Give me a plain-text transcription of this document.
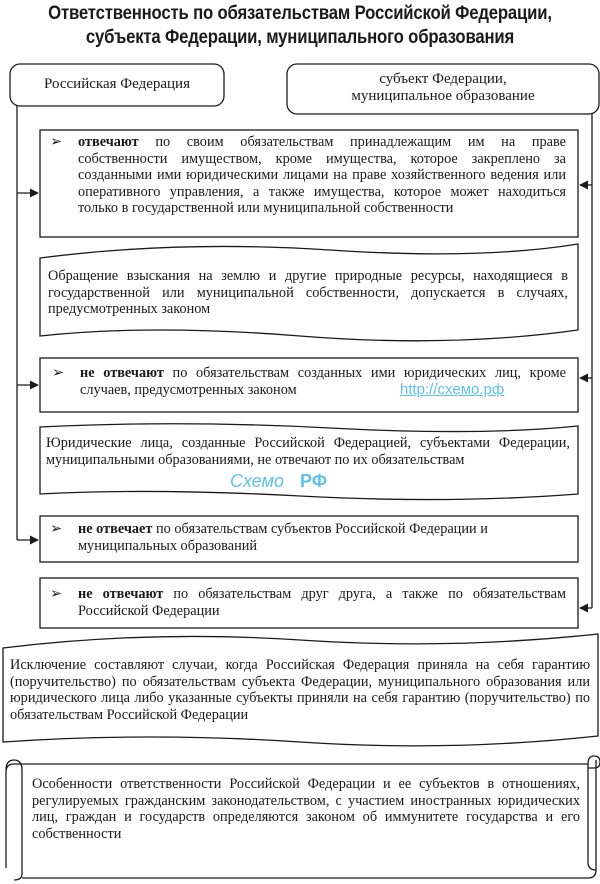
Ответственность по обязательствам Российской Федерации,
субъекта Федерации, муниципального образования
Российская Федерация	субъект Федерации,
муниципальное образование
➢ отвечают по своим обязательствам принадлежащим им на праве собственности имуществом, кроме имущества, которое закреплено за созданными ими юридическими лицами на праве хозяйственного ведения или оперативного управления, а также имущества, которое может находиться только в государственной или муниципальной собственности
Обращение взыскания на землю и другие природные ресурсы, находящиеся в государственной или муниципальной собственности, допускается в случаях, предусмотренных законом
➢ не отвечают по обязательствам созданных ими юридических лиц, кроме случаев, предусмотренных законом
Юридические лица, созданные Российской Федерацией, субъектами Федерации, муниципальными образованиями, не отвечают по их обязательствам
➢ не отвечает по обязательствам субъектов Российской Федерации и муниципальных образований
➢ не отвечают по обязательствам друг друга, а также по обязательствам Российской Федерации
Исключение составляют случаи, когда Российская Федерация приняла на себя гарантию (поручительство) по обязательствам субъекта Федерации, муниципального образования или юридического лица либо указанные субъекты приняли на себя гарантию (поручительство) по обязательствам Российской Федерации
Особенности ответственности Российской Федерации и ее субъектов в отношениях, регулируемых гражданским законодательством, с участием иностранных юридических лиц, граждан и государств определяются законом об иммунитете государства и его собственности
http://схемо.рф
Схемо РФ
